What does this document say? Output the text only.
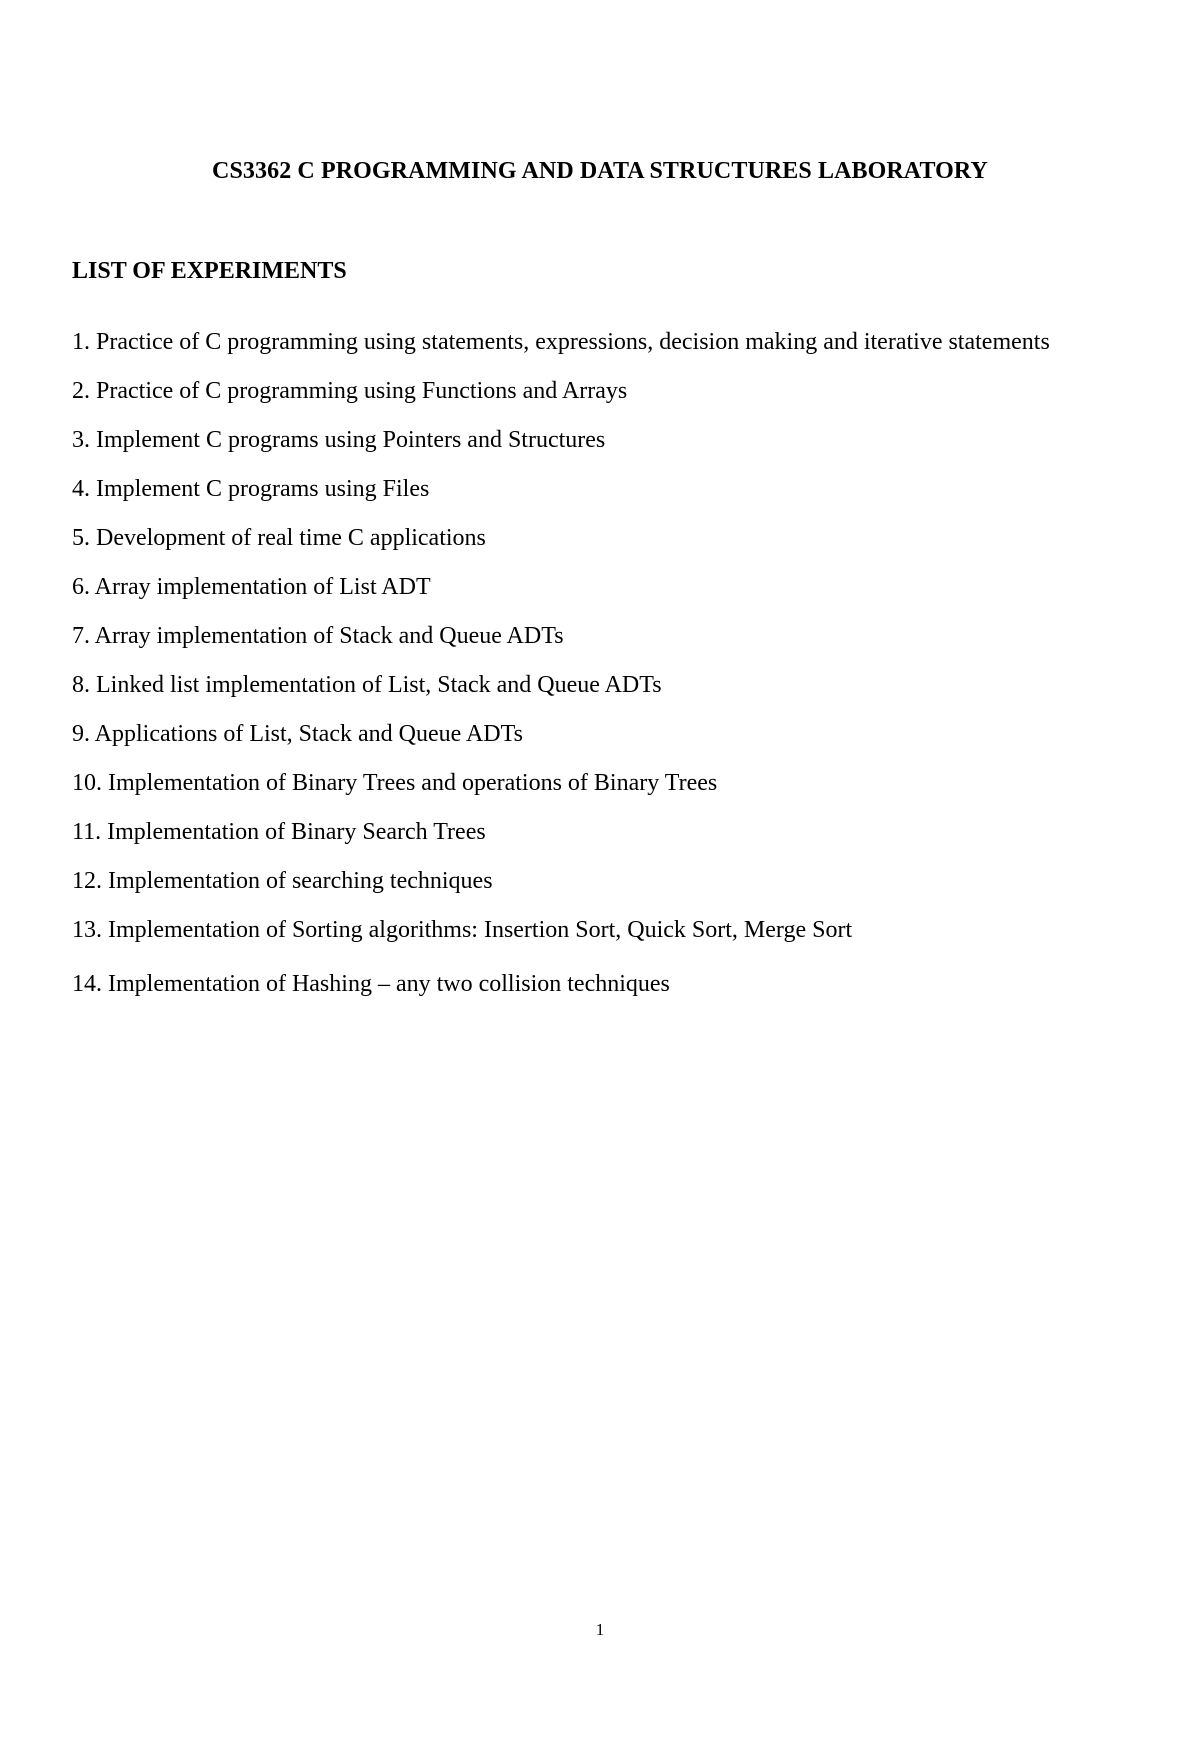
CS3362 C PROGRAMMING AND DATA STRUCTURES LABORATORY
LIST OF EXPERIMENTS
1. Practice of C programming using statements, expressions, decision making and iterative statements
2. Practice of C programming using Functions and Arrays
3. Implement C programs using Pointers and Structures
4. Implement C programs using Files
5. Development of real time C applications
6. Array implementation of List ADT
7. Array implementation of Stack and Queue ADTs
8. Linked list implementation of List, Stack and Queue ADTs
9. Applications of List, Stack and Queue ADTs
10. Implementation of Binary Trees and operations of Binary Trees
11. Implementation of Binary Search Trees
12. Implementation of searching techniques
13. Implementation of Sorting algorithms: Insertion Sort, Quick Sort, Merge Sort
14. Implementation of Hashing – any two collision techniques
1
